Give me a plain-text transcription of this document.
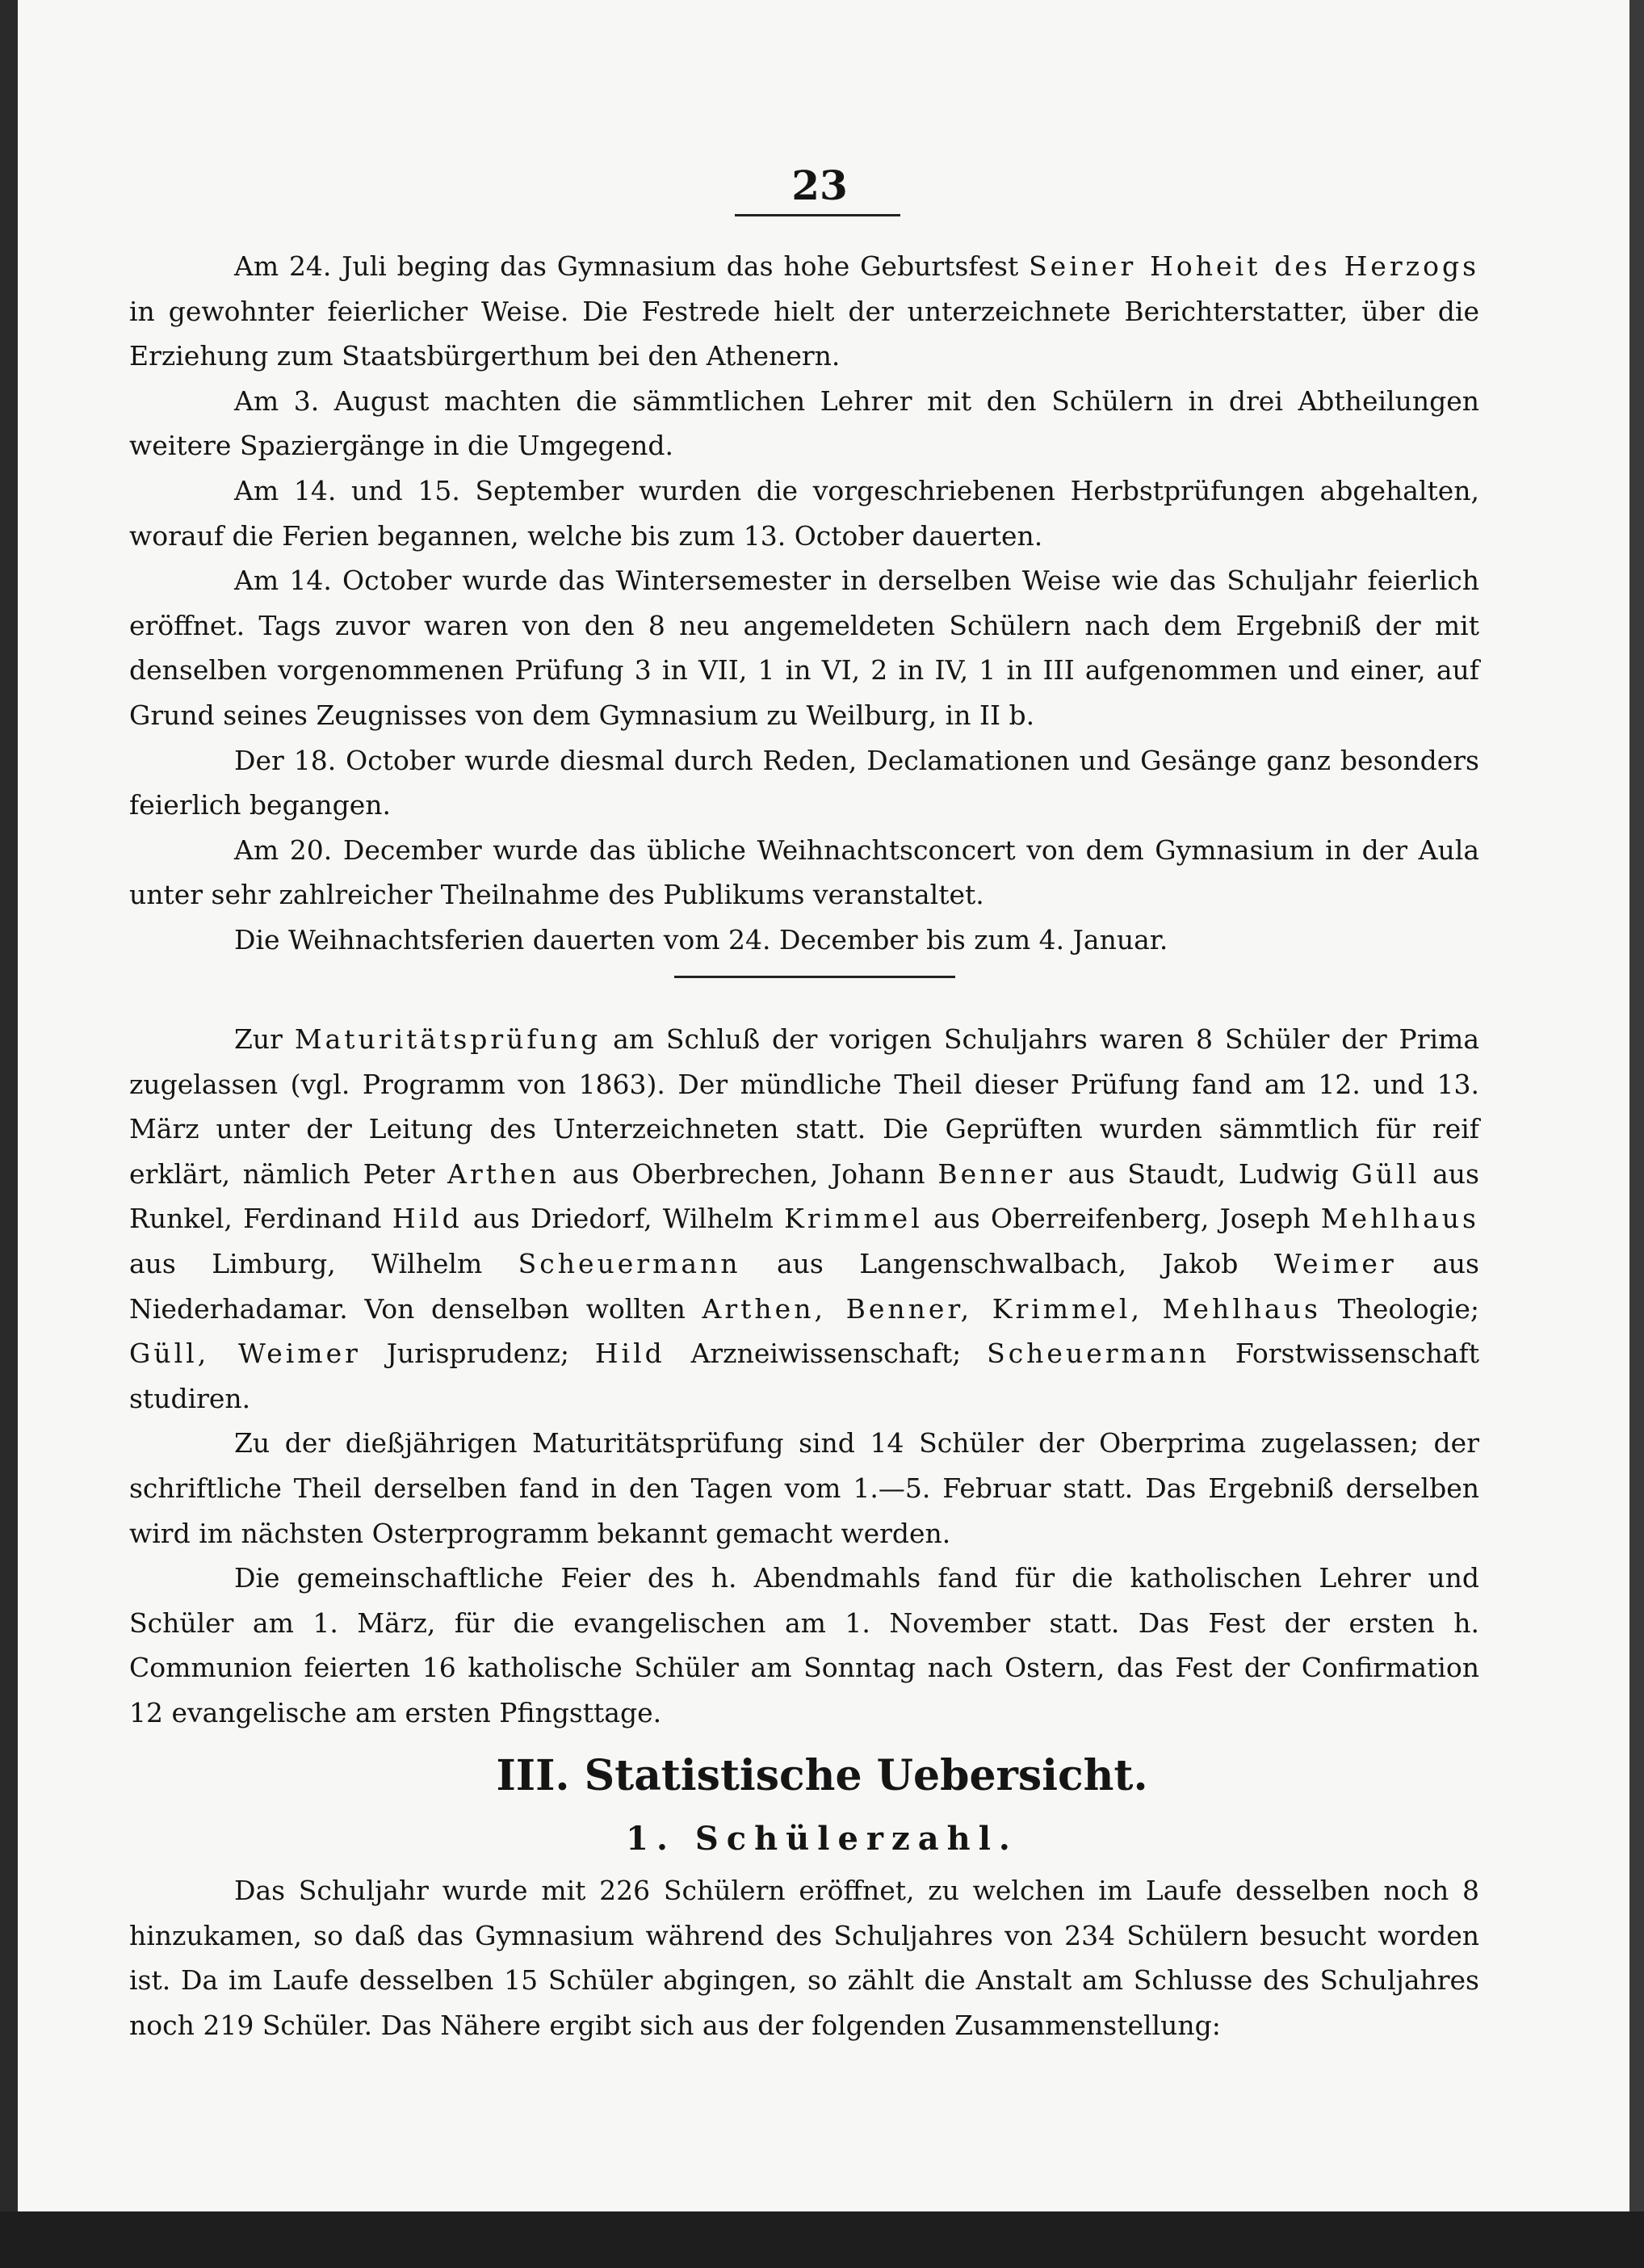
23

Am 24. Juli beging das Gymnasium das hohe Geburtsfest Seiner Hoheit des Herzogs in gewohnter feierlicher Weise. Die Festrede hielt der unterzeichnete Berichterstatter, über die Erziehung zum Staatsbürgerthum bei den Athenern.

Am 3. August machten die sämmtlichen Lehrer mit den Schülern in drei Abtheilungen weitere Spaziergänge in die Umgegend.

Am 14. und 15. September wurden die vorgeschriebenen Herbstprüfungen abgehalten, worauf die Ferien begannen, welche bis zum 13. October dauerten.

Am 14. October wurde das Wintersemester in derselben Weise wie das Schuljahr feierlich eröffnet. Tags zuvor waren von den 8 neu angemeldeten Schülern nach dem Ergebniß der mit denselben vorgenommenen Prüfung 3 in VII, 1 in VI, 2 in IV, 1 in III aufgenommen und einer, auf Grund seines Zeugnisses von dem Gymnasium zu Weilburg, in II b.

Der 18. October wurde diesmal durch Reden, Declamationen und Gesänge ganz besonders feierlich begangen.

Am 20. December wurde das übliche Weihnachtsconcert von dem Gymnasium in der Aula unter sehr zahlreicher Theilnahme des Publikums veranstaltet.

Die Weihnachtsferien dauerten vom 24. December bis zum 4. Januar.

Zur Maturitätsprüfung am Schluß der vorigen Schuljahrs waren 8 Schüler der Prima zugelassen (vgl. Programm von 1863). Der mündliche Theil dieser Prüfung fand am 12. und 13. März unter der Leitung des Unterzeichneten statt. Die Geprüften wurden sämmtlich für reif erklärt, nämlich Peter Arthen aus Oberbrechen, Johann Benner aus Staudt, Ludwig Güll aus Runkel, Ferdinand Hild aus Driedorf, Wilhelm Krimmel aus Oberreifenberg, Joseph Mehlhaus aus Limburg, Wilhelm Scheuermann aus Langenschwalbach, Jakob Weimer aus Niederhadamar. Von denselbən wollten Arthen, Benner, Krimmel, Mehlhaus Theologie; Güll, Weimer Jurisprudenz; Hild Arzneiwissenschaft; Scheuermann Forstwissenschaft studiren.

Zu der dießjährigen Maturitätsprüfung sind 14 Schüler der Oberprima zugelassen; der schriftliche Theil derselben fand in den Tagen vom 1.—5. Februar statt. Das Ergebniß derselben wird im nächsten Osterprogramm bekannt gemacht werden.

Die gemeinschaftliche Feier des h. Abendmahls fand für die katholischen Lehrer und Schüler am 1. März, für die evangelischen am 1. November statt. Das Fest der ersten h. Communion feierten 16 katholische Schüler am Sonntag nach Ostern, das Fest der Confirmation 12 evangelische am ersten Pfingsttage.

III. Statistische Uebersicht.
1. Schülerzahl.

Das Schuljahr wurde mit 226 Schülern eröffnet, zu welchen im Laufe desselben noch 8 hinzukamen, so daß das Gymnasium während des Schuljahres von 234 Schülern besucht worden ist. Da im Laufe desselben 15 Schüler abgingen, so zählt die Anstalt am Schlusse des Schuljahres noch 219 Schüler. Das Nähere ergibt sich aus der folgenden Zusammenstellung:
